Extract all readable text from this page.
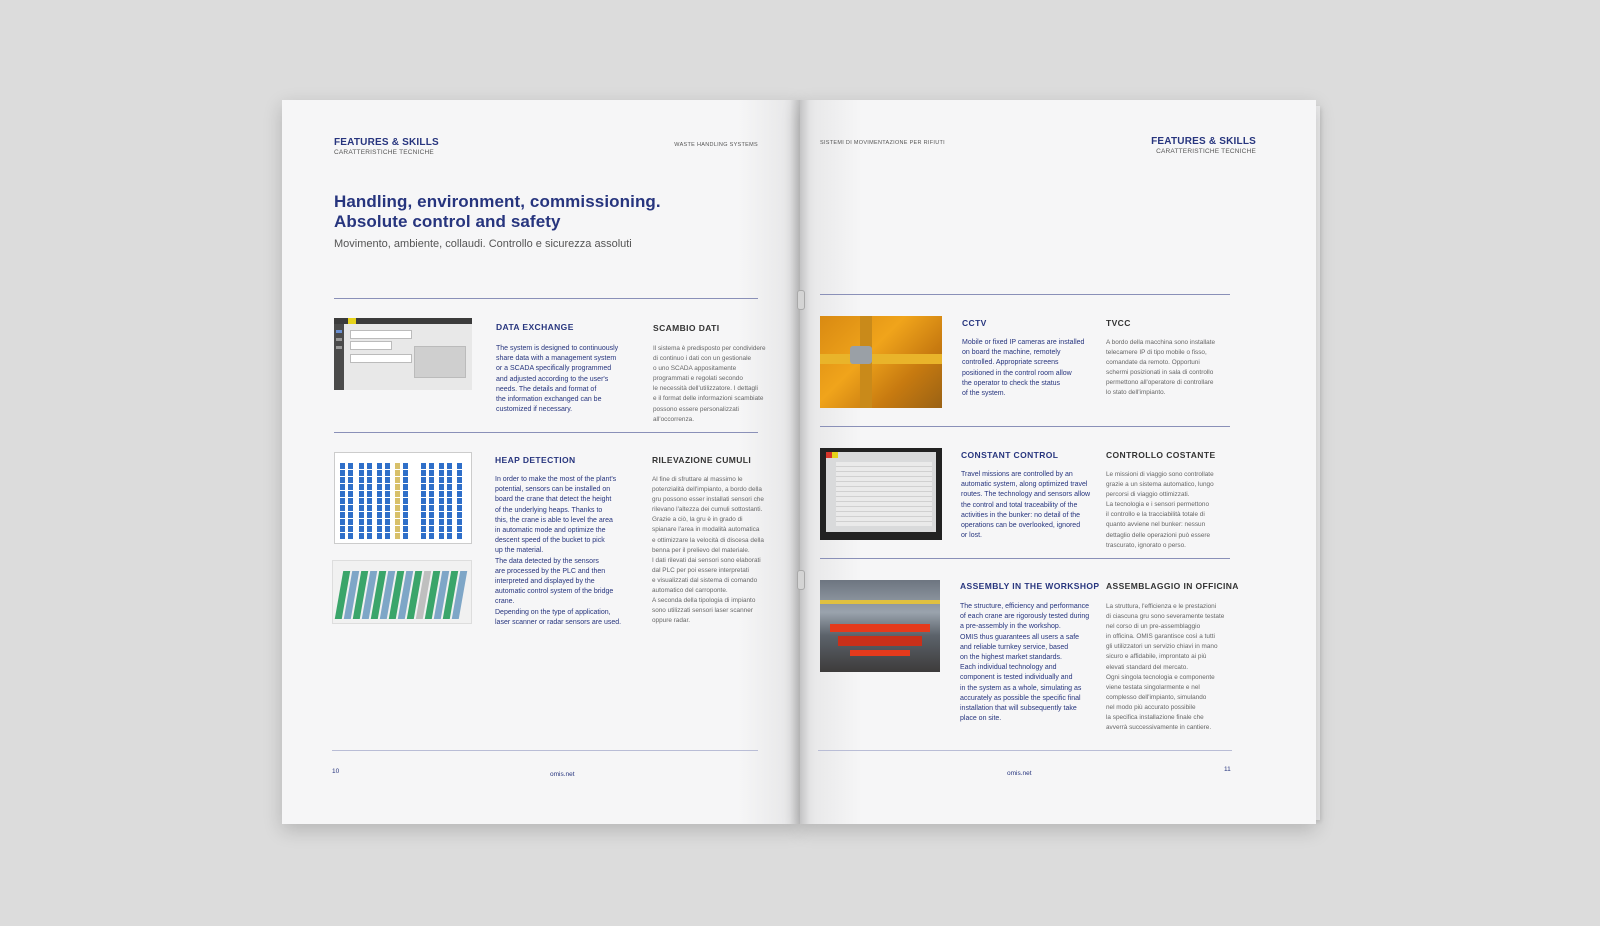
FEATURES & SKILLS
CARATTERISTICHE TECNICHE
WASTE HANDLING SYSTEMS
Handling, environment, commissioning.
Absolute control and safety
Movimento, ambiente, collaudi. Controllo e sicurezza assoluti
DATA EXCHANGE	SCAMBIO DATI
The system is designed to continuously
share data with a management system
or a SCADA specifically programmed
and adjusted according to the user's
needs. The details and format of
the information exchanged can be
customized if necessary.
Il sistema è predisposto per condividere
di continuo i dati con un gestionale
o uno SCADA appositamente
programmati e regolati secondo
le necessità dell'utilizzatore. I dettagli
e il format delle informazioni scambiate
possono essere personalizzati
all'occorrenza.
HEAP DETECTION	RILEVAZIONE CUMULI
In order to make the most of the plant's
potential, sensors can be installed on
board the crane that detect the height
of the underlying heaps. Thanks to
this, the crane is able to level the area
in automatic mode and optimize the
descent speed of the bucket to pick
up the material.
The data detected by the sensors
are processed by the PLC and then
interpreted and displayed by the
automatic control system of the bridge
crane.
Depending on the type of application,
laser scanner or radar sensors are used.
Al fine di sfruttare al massimo le
potenzialità dell'impianto, a bordo della
gru possono esser installati sensori che
rilevano l'altezza dei cumuli sottostanti.
Grazie a ciò, la gru è in grado di
spianare l'area in modalità automatica
e ottimizzare la velocità di discesa della
benna per il prelievo del materiale.
I dati rilevati dai sensori sono elaborati
dal PLC per poi essere interpretati
e visualizzati dal sistema di comando
automatico del carroponte.
A seconda della tipologia di impianto
sono utilizzati sensori laser scanner
oppure radar.
10	omis.net
SISTEMI DI MOVIMENTAZIONE PER RIFIUTI	FEATURES & SKILLS
CARATTERISTICHE TECNICHE
CCTV	TVCC
Mobile or fixed IP cameras are installed
on board the machine, remotely
controlled. Appropriate screens
positioned in the control room allow
the operator to check the status
of the system.
A bordo della macchina sono installate
telecamere IP di tipo mobile o fisso,
comandate da remoto. Opportuni
schermi posizionati in sala di controllo
permettono all'operatore di controllare
lo stato dell'impianto.
CONSTANT CONTROL	CONTROLLO COSTANTE
Travel missions are controlled by an
automatic system, along optimized travel
routes. The technology and sensors allow
the control and total traceability of the
activities in the bunker: no detail of the
operations can be overlooked, ignored
or lost.
Le missioni di viaggio sono controllate
grazie a un sistema automatico, lungo
percorsi di viaggio ottimizzati.
La tecnologia e i sensori permettono
il controllo e la tracciabilità totale di
quanto avviene nel bunker: nessun
dettaglio delle operazioni può essere
trascurato, ignorato o perso.
ASSEMBLY IN THE WORKSHOP ASSEMBLAGGIO IN OFFICINA
The structure, efficiency and performance
of each crane are rigorously tested during
a pre-assembly in the workshop.
OMIS thus guarantees all users a safe
and reliable turnkey service, based
on the highest market standards.
Each individual technology and
component is tested individually and
in the system as a whole, simulating as
accurately as possible the specific final
installation that will subsequently take
place on site.
La struttura, l'efficienza e le prestazioni
di ciascuna gru sono severamente testate
nel corso di un pre-assemblaggio
in officina. OMIS garantisce così a tutti
gli utilizzatori un servizio chiavi in mano
sicuro e affidabile, improntato ai più
elevati standard del mercato.
Ogni singola tecnologia e componente
viene testata singolarmente e nel
complesso dell'impianto, simulando
nel modo più accurato possibile
la specifica installazione finale che
avverrà successivamente in cantiere.
omis.net
11
